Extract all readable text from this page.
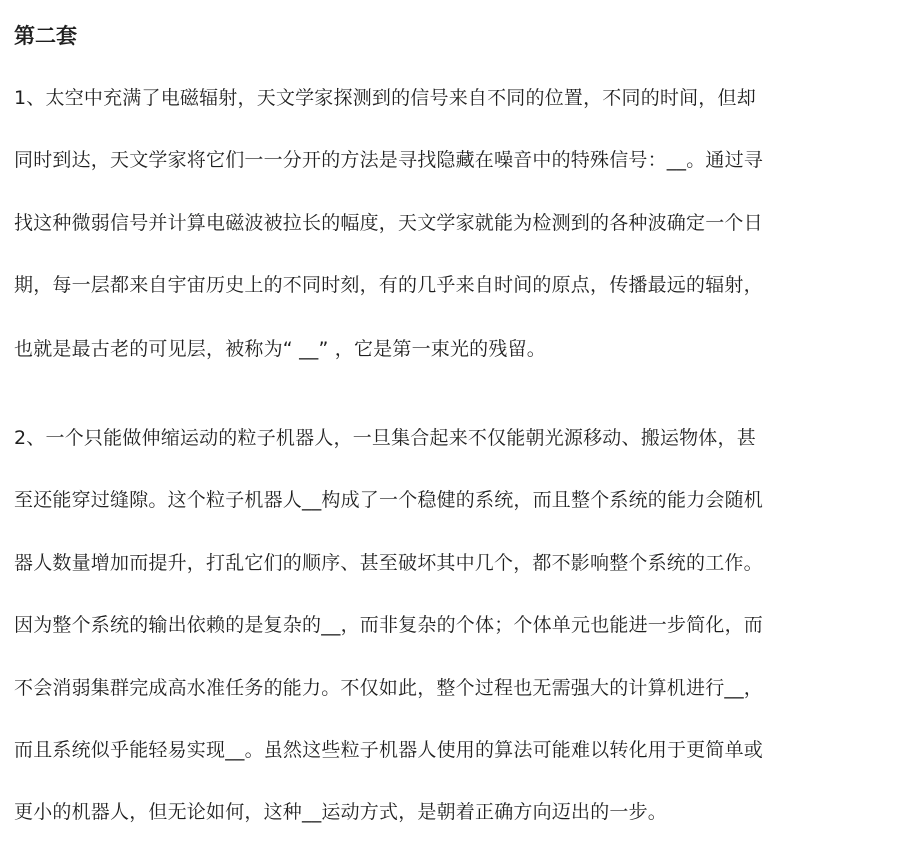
第二套
1、太空中充满了电磁辐射，天文学家探测到的信号来自不同的位置，不同的时间，但却
同时到达，天文学家将它们一一分开的方法是寻找隐藏在噪音中的特殊信号：__。通过寻
找这种微弱信号并计算电磁波被拉长的幅度，天文学家就能为检测到的各种波确定一个日
期，每一层都来自宇宙历史上的不同时刻，有的几乎来自时间的原点，传播最远的辐射，
也就是最古老的可见层，被称为“ __” ，它是第一束光的残留。
2、一个只能做伸缩运动的粒子机器人，一旦集合起来不仅能朝光源移动、搬运物体，甚
至还能穿过缝隙。这个粒子机器人__构成了一个稳健的系统，而且整个系统的能力会随机
器人数量增加而提升，打乱它们的顺序、甚至破坏其中几个，都不影响整个系统的工作。
因为整个系统的输出依赖的是复杂的__，而非复杂的个体；个体单元也能进一步简化，而
不会消弱集群完成高水准任务的能力。不仅如此，整个过程也无需强大的计算机进行__，
而且系统似乎能轻易实现__。虽然这些粒子机器人使用的算法可能难以转化用于更简单或
更小的机器人，但无论如何，这种__运动方式，是朝着正确方向迈出的一步。
